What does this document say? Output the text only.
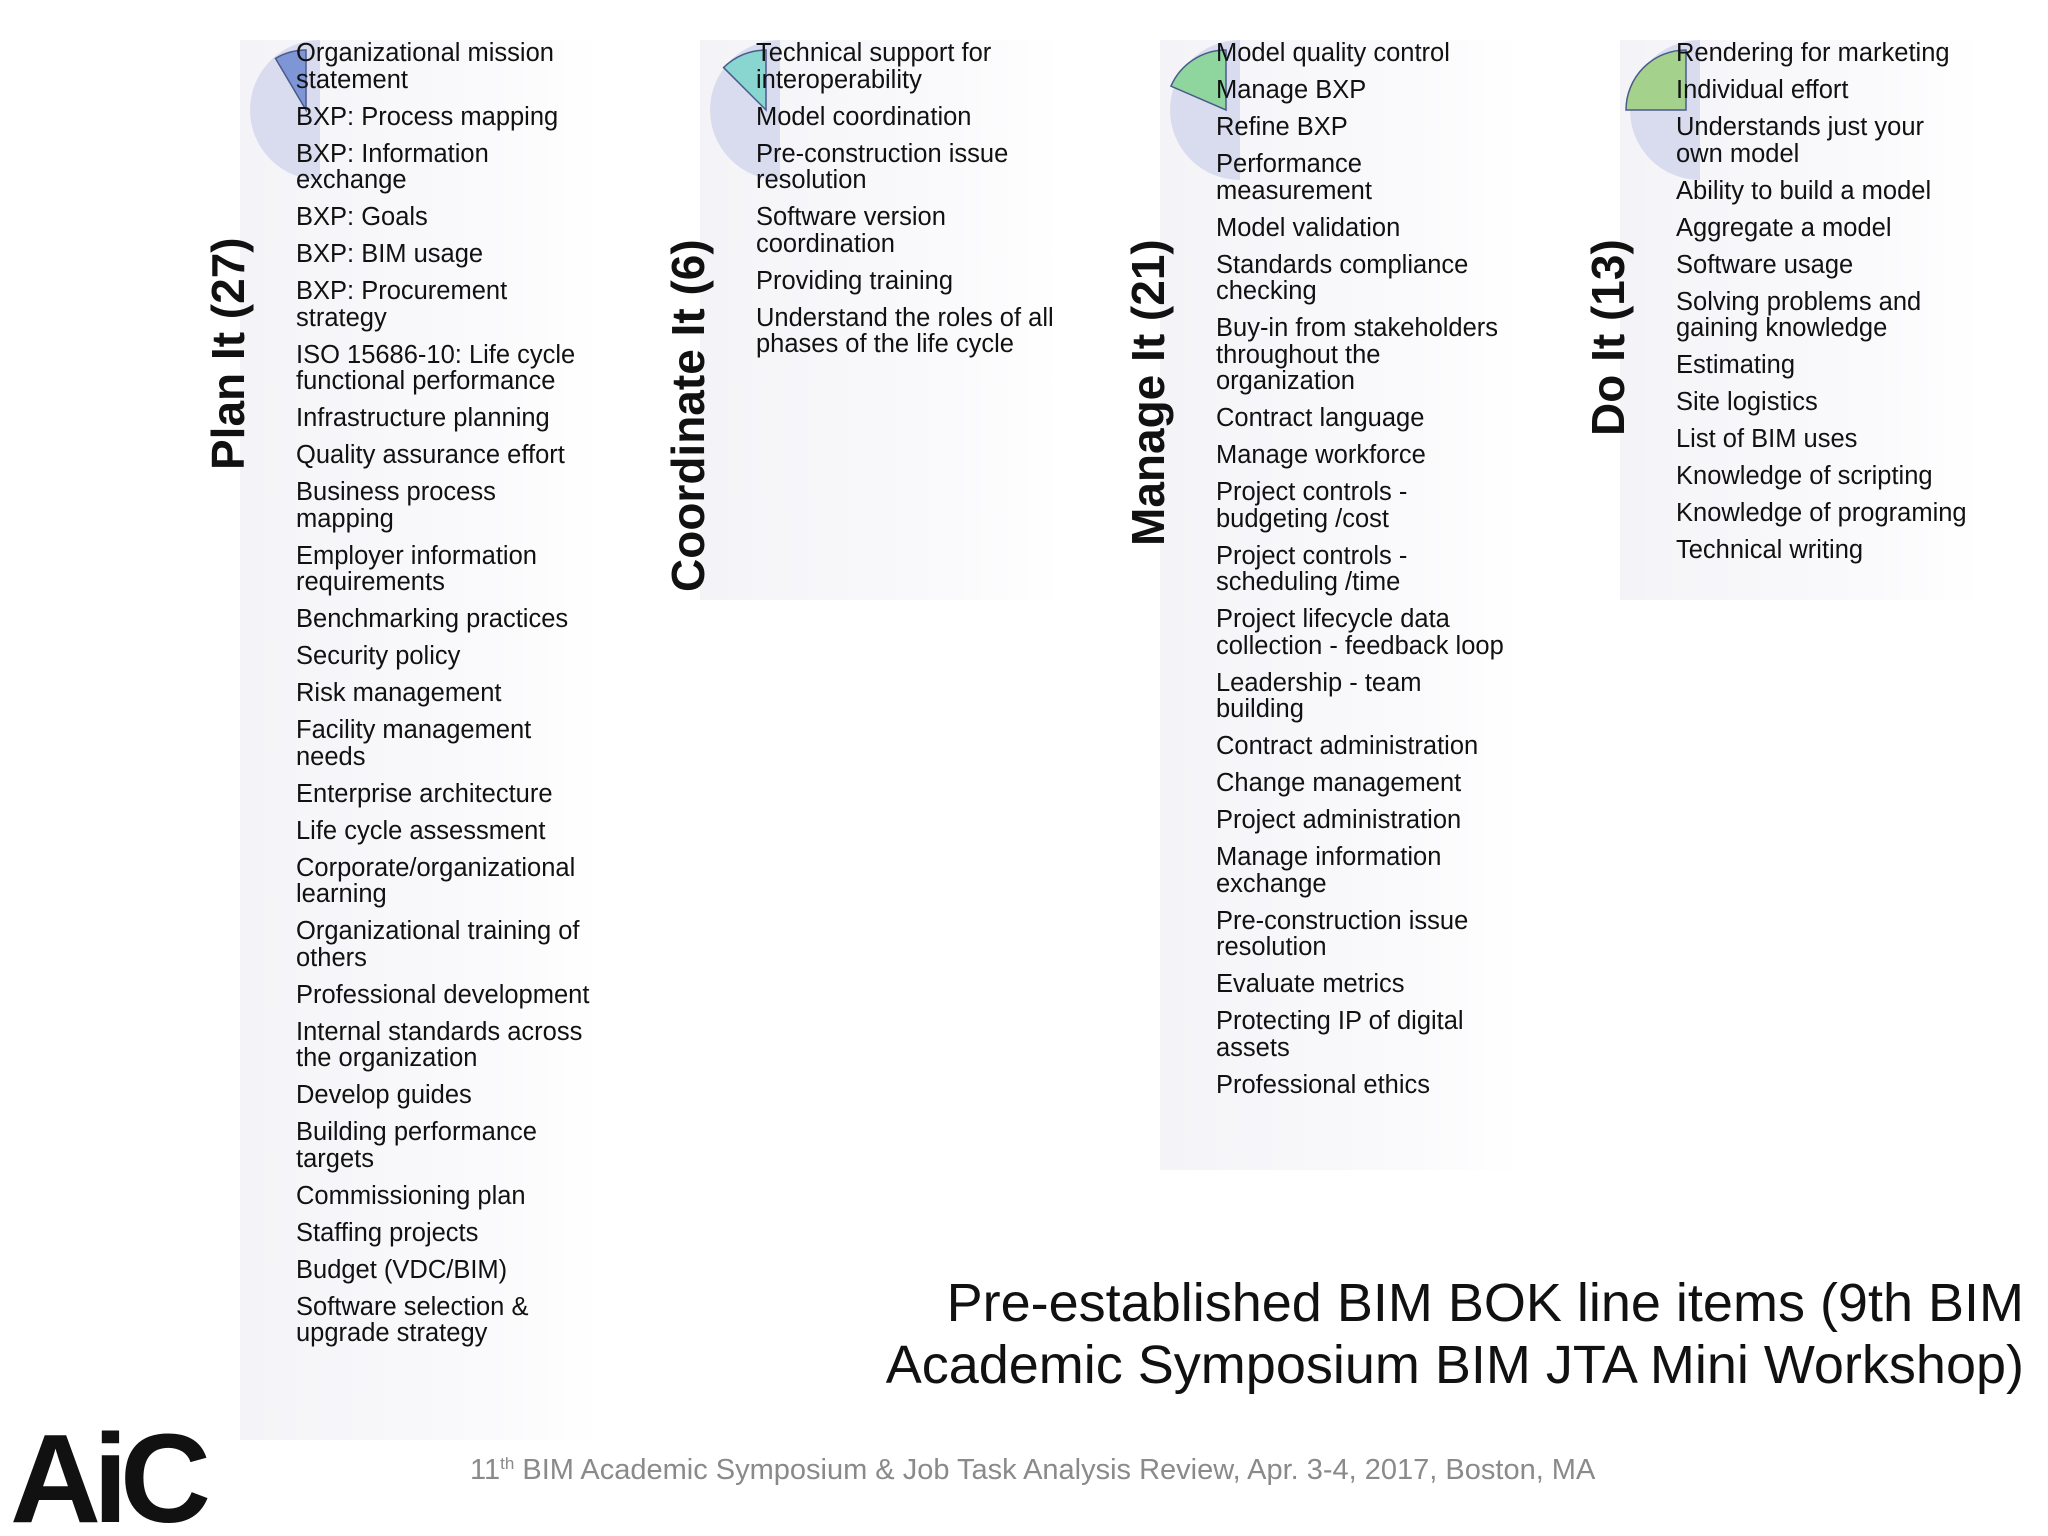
Plan It (27)
Organizational mission statement
BXP: Process mapping
BXP: Information exchange
BXP: Goals
BXP: BIM usage
BXP: Procurement strategy
ISO 15686-10: Life cycle functional performance
Infrastructure planning
Quality assurance effort
Business process mapping
Employer information requirements
Benchmarking practices
Security policy
Risk management
Facility management needs
Enterprise architecture
Life cycle assessment
Corporate/organizational learning
Organizational training of others
Professional development
Internal standards across the organization
Develop guides
Building performance targets
Commissioning plan
Staffing projects
Budget (VDC/BIM)
Software selection & upgrade strategy
Coordinate It (6)
Technical support for interoperability
Model coordination
Pre-construction issue resolution
Software version coordination
Providing training
Understand the roles of all phases of the life cycle	Manage It (21)
Model quality control
Manage BXP
Refine BXP
Performance measurement
Model validation
Standards compliance checking
Buy-in from stakeholders throughout the organization
Contract language
Manage workforce
Project controls - budgeting /cost
Project controls - scheduling /time
Project lifecycle data collection - feedback loop
Leadership - team building
Contract administration
Change management
Project administration
Manage information exchange
Pre-construction issue resolution
Evaluate metrics
Protecting IP of digital assets
Professional ethics
Do It (13)
Rendering for marketing
Individual effort
Understands just your own model
Ability to build a model
Aggregate a model
Software usage
Solving problems and gaining knowledge
Estimating
Site logistics
List of BIM uses
Knowledge of scripting
Knowledge of programing
Technical writing
Pre-established BIM BOK line items (9th BIM Academic Symposium BIM JTA Mini Workshop)
11th BIM Academic Symposium & Job Task Analysis Review, Apr. 3-4, 2017, Boston, MA
AiC
